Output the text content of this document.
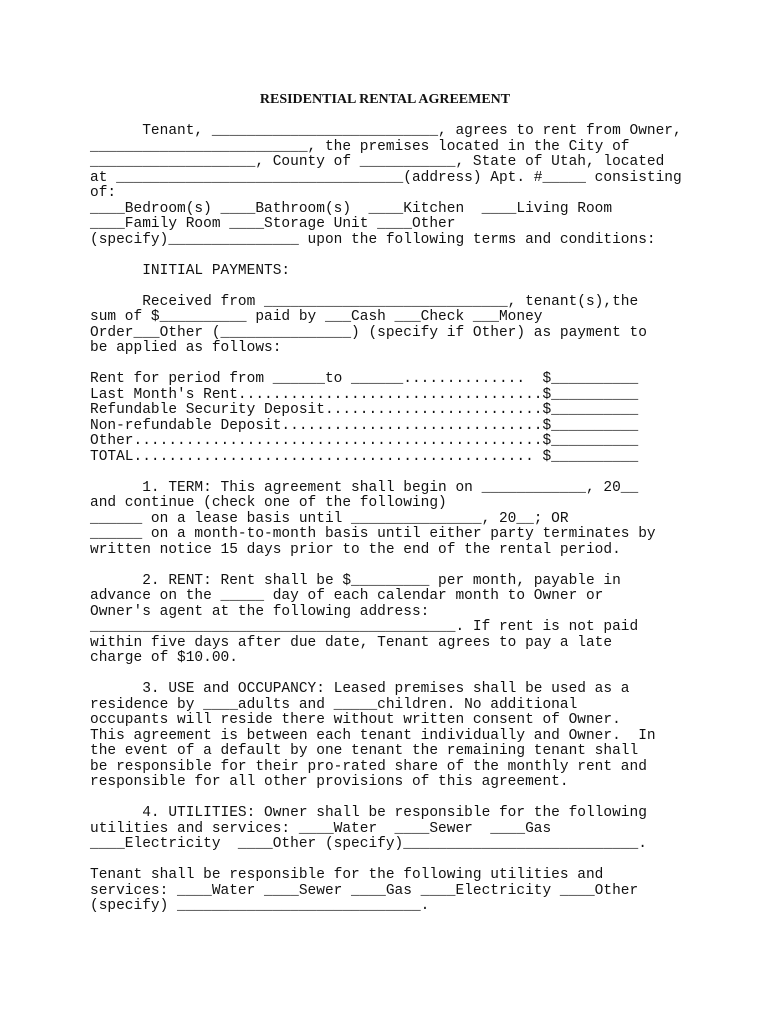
RESIDENTIAL RENTAL AGREEMENT
Tenant, __________________________, agrees to rent from Owner,
_________________________, the premises located in the City of
___________________, County of ___________, State of Utah, located
at _________________________________(address) Apt. #_____ consisting
of:
____Bedroom(s) ____Bathroom(s)  ____Kitchen  ____Living Room
____Family Room ____Storage Unit ____Other
(specify)_______________ upon the following terms and conditions:
INITIAL PAYMENTS:
Received from ____________________________, tenant(s),the
sum of $__________ paid by ___Cash ___Check ___Money
Order___Other (_______________) (specify if Other) as payment to
be applied as follows:
Rent for period from ______to ______..............  $__________
Last Month's Rent...................................$__________
Refundable Security Deposit.........................$__________
Non-refundable Deposit..............................$__________
Other...............................................$__________
TOTAL.............................................. $__________
1. TERM: This agreement shall begin on ____________, 20__
and continue (check one of the following)
______ on a lease basis until _______________, 20__; OR
______ on a month-to-month basis until either party terminates by
written notice 15 days prior to the end of the rental period.
2. RENT: Rent shall be $_________ per month, payable in
advance on the _____ day of each calendar month to Owner or
Owner's agent at the following address:
__________________________________________. If rent is not paid
within five days after due date, Tenant agrees to pay a late
charge of $10.00.
3. USE and OCCUPANCY: Leased premises shall be used as a
residence by ____adults and _____children. No additional
occupants will reside there without written consent of Owner.
This agreement is between each tenant individually and Owner.  In
the event of a default by one tenant the remaining tenant shall
be responsible for their pro-rated share of the monthly rent and
responsible for all other provisions of this agreement.
4. UTILITIES: Owner shall be responsible for the following
utilities and services: ____Water  ____Sewer  ____Gas
____Electricity  ____Other (specify)___________________________.
Tenant shall be responsible for the following utilities and
services: ____Water ____Sewer ____Gas ____Electricity ____Other
(specify) ____________________________.
